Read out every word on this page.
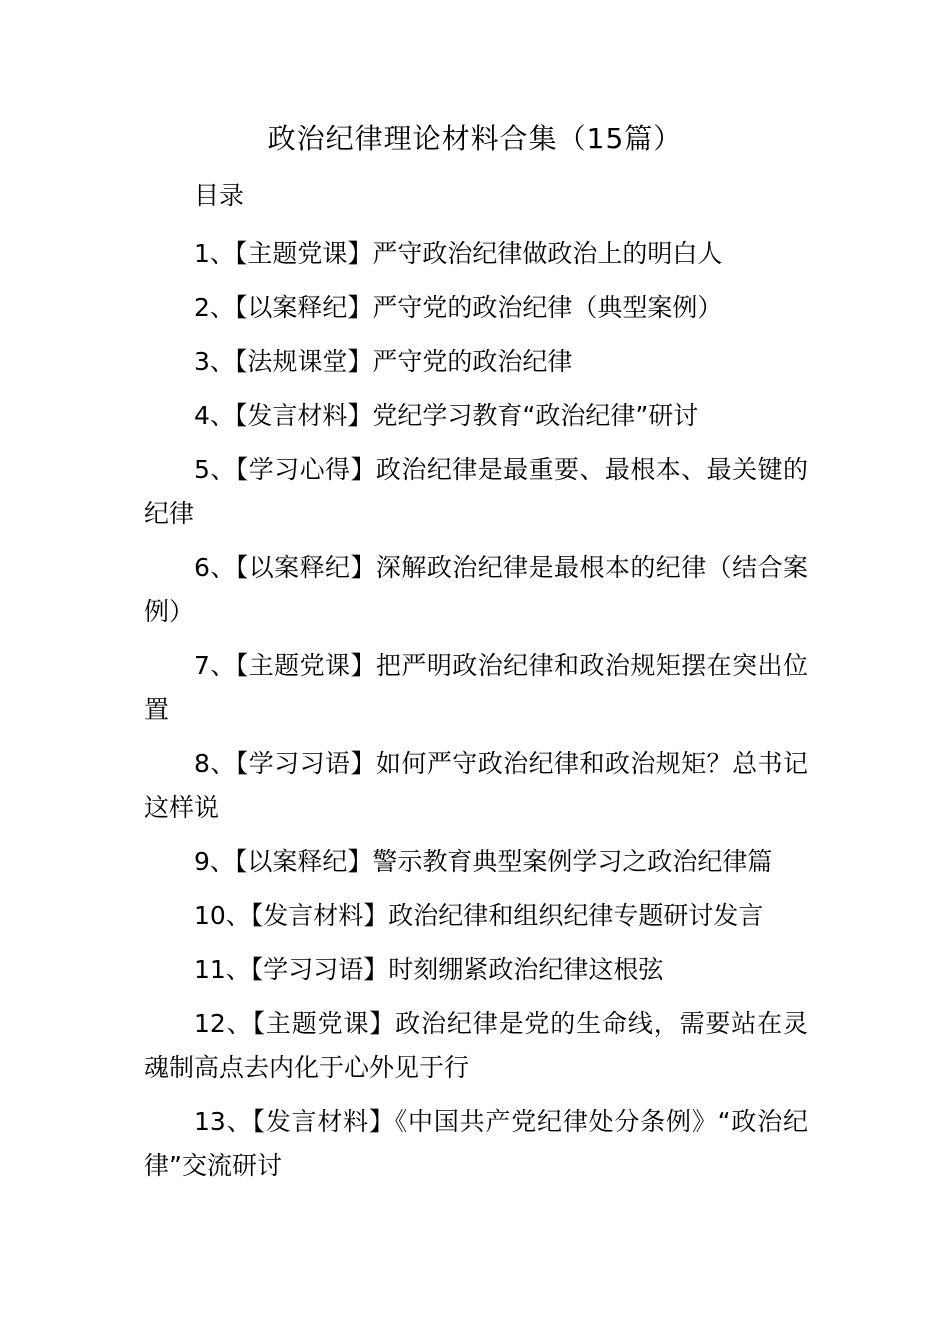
政治纪律理论材料合集（15篇）
目录
1、【主题党课】严守政治纪律做政治上的明白人
2、【以案释纪】严守党的政治纪律（典型案例）
3、【法规课堂】严守党的政治纪律
4、【发言材料】党纪学习教育“政治纪律”研讨
5、【学习心得】政治纪律是最重要、最根本、最关键的纪律
6、【以案释纪】深解政治纪律是最根本的纪律（结合案例）
7、【主题党课】把严明政治纪律和政治规矩摆在突出位置
8、【学习习语】如何严守政治纪律和政治规矩？总书记这样说
9、【以案释纪】警示教育典型案例学习之政治纪律篇
10、【发言材料】政治纪律和组织纪律专题研讨发言
11、【学习习语】时刻绷紧政治纪律这根弦
12、【主题党课】政治纪律是党的生命线，需要站在灵魂制高点去内化于心外见于行
13、【发言材料】《中国共产党纪律处分条例》“政治纪律”交流研讨
